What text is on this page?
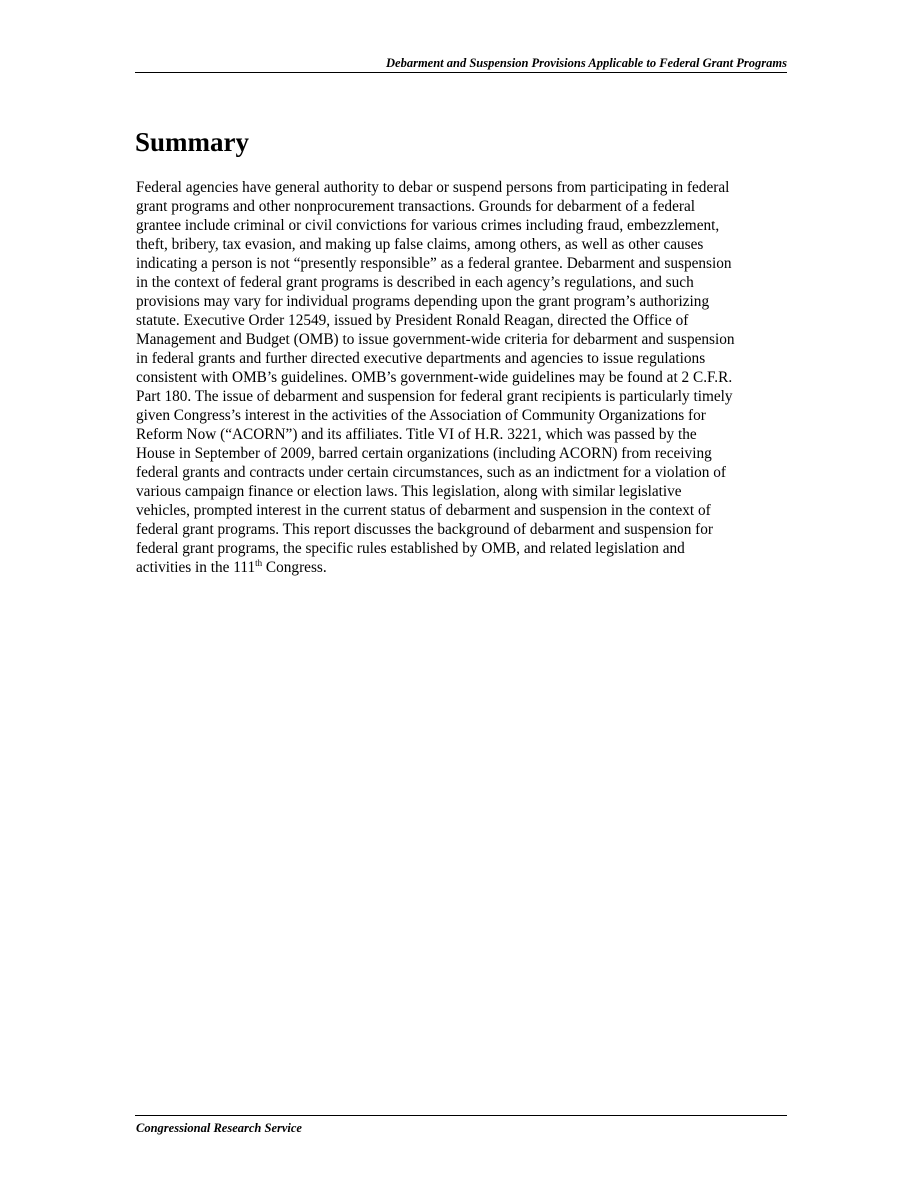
Debarment and Suspension Provisions Applicable to Federal Grant Programs
Summary

Federal agencies have general authority to debar or suspend persons from participating in federal
grant programs and other nonprocurement transactions. Grounds for debarment of a federal
grantee include criminal or civil convictions for various crimes including fraud, embezzlement,
theft, bribery, tax evasion, and making up false claims, among others, as well as other causes
indicating a person is not “presently responsible” as a federal grantee. Debarment and suspension
in the context of federal grant programs is described in each agency’s regulations, and such
provisions may vary for individual programs depending upon the grant program’s authorizing
statute. Executive Order 12549, issued by President Ronald Reagan, directed the Office of
Management and Budget (OMB) to issue government-wide criteria for debarment and suspension
in federal grants and further directed executive departments and agencies to issue regulations
consistent with OMB’s guidelines. OMB’s government-wide guidelines may be found at 2 C.F.R.
Part 180. The issue of debarment and suspension for federal grant recipients is particularly timely
given Congress’s interest in the activities of the Association of Community Organizations for
Reform Now (“ACORN”) and its affiliates. Title VI of H.R. 3221, which was passed by the
House in September of 2009, barred certain organizations (including ACORN) from receiving
federal grants and contracts under certain circumstances, such as an indictment for a violation of
various campaign finance or election laws. This legislation, along with similar legislative
vehicles, prompted interest in the current status of debarment and suspension in the context of
federal grant programs. This report discusses the background of debarment and suspension for
federal grant programs, the specific rules established by OMB, and related legislation and
activities in the 111th Congress.

Congressional Research Service
